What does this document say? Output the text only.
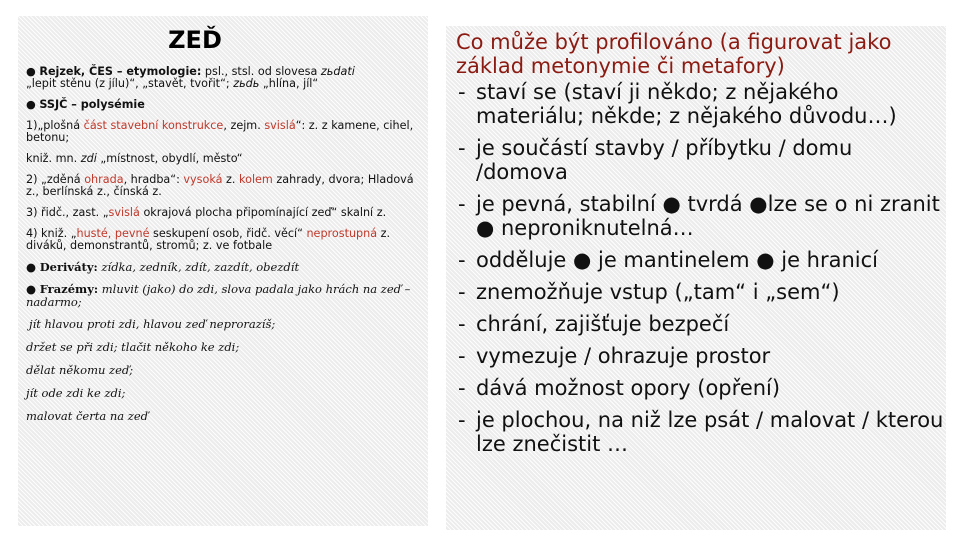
ZEĎ

● Rejzek, ČES – etymologie: psl., stsl. od slovesa zьdati
„lepit stěnu (z jílu)“, „stavět, tvořit“; zьdь „hlína, jíl“

● SSJČ – polysémie

1)„plošná část stavební konstrukce, zejm. svislá“: z. z kamene, cihel, betonu;

kniž. mn. zdi „místnost, obydlí, město“

2) „zděná ohrada, hradba“: vysoká z. kolem zahrady, dvora; Hladová z., berlínská z., čínská z.

3) řidč., zast. „svislá okrajová plocha připomínající zeď“ skalní z.

4) kniž. „husté, pevné seskupení osob, řidč. věcí“ neprostupná z. diváků, demonstrantů, stromů; z. ve fotbale

● Deriváty: zídka, zedník, zdít, zazdít, obezdít

● Frazémy: mluvit (jako) do zdi, slova padala jako hrách na zeď – nadarmo;

jít hlavou proti zdi, hlavou zeď neprorazíš;

držet se při zdi; tlačit někoho ke zdi;

dělat někomu zeď;

jít ode zdi ke zdi;

malovat čerta na zeď

Co může být profilováno (a figurovat jako základ metonymie či metafory)

- staví se (staví ji někdo; z nějakého materiálu; někde; z nějakého důvodu…)
- je součástí stavby / příbytku / domu /domova
- je pevná, stabilní ● tvrdá ●lze se o ni zranit ● neproniknutelná…
- odděluje ● je mantinelem ● je hranicí
- znemožňuje vstup („tam“ i „sem“)
- chrání, zajišťuje bezpečí
- vymezuje / ohrazuje prostor
- dává možnost opory (opření)
- je plochou, na niž lze psát / malovat / kterou lze znečistit …
